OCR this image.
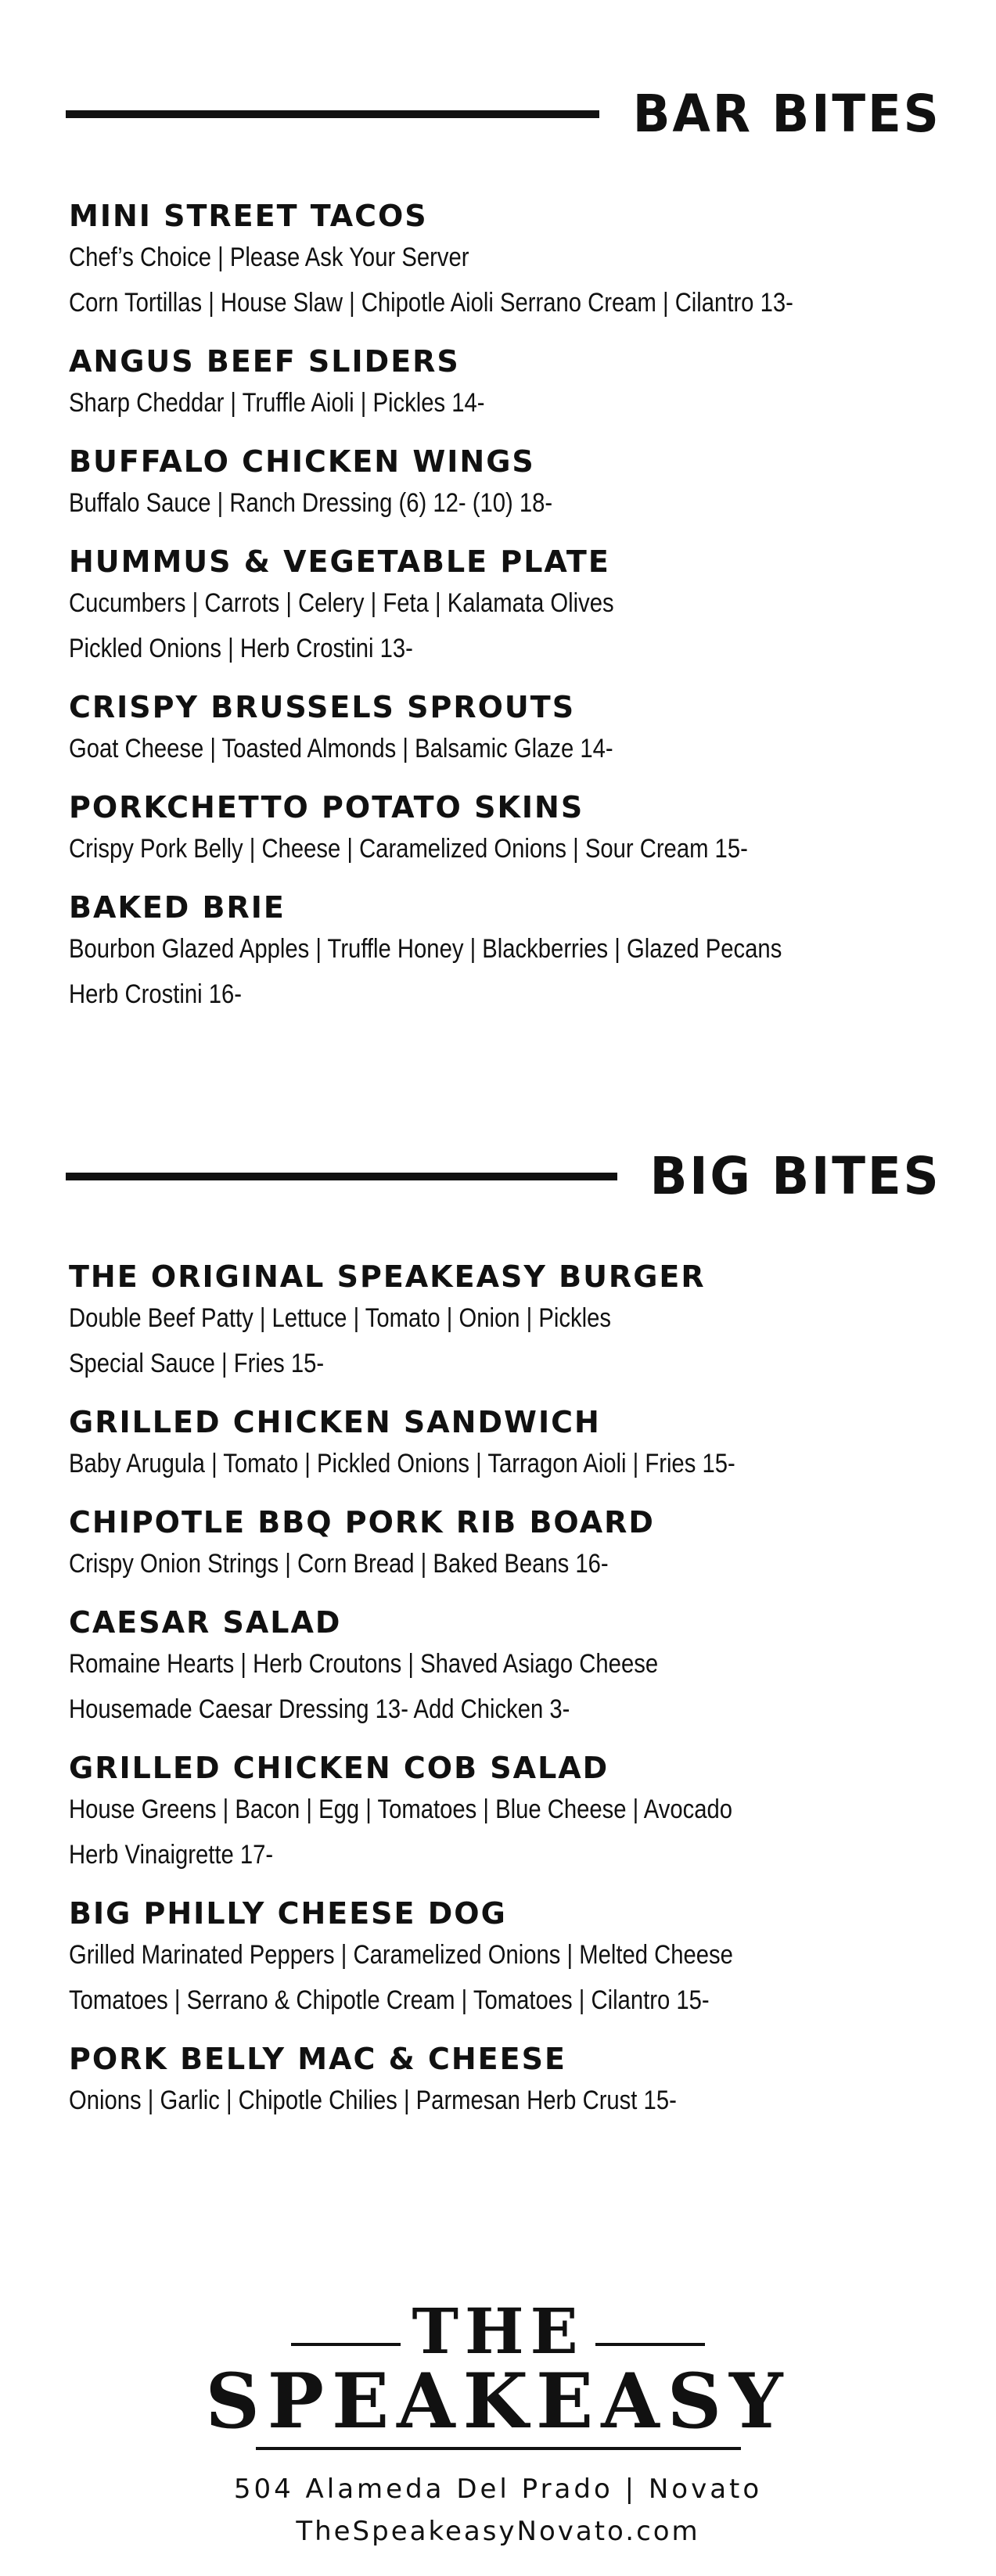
BAR BITES
MINI STREET TACOS
Chef’s Choice | Please Ask Your Server
Corn Tortillas | House Slaw | Chipotle Aioli Serrano Cream | Cilantro 13-
ANGUS BEEF SLIDERS
Sharp Cheddar | Truffle Aioli | Pickles 14-
BUFFALO CHICKEN WINGS
Buffalo Sauce | Ranch Dressing (6) 12- (10) 18-
HUMMUS & VEGETABLE PLATE
Cucumbers | Carrots | Celery | Feta | Kalamata Olives
Pickled Onions | Herb Crostini 13-
CRISPY BRUSSELS SPROUTS
Goat Cheese | Toasted Almonds | Balsamic Glaze 14-
PORKCHETTO POTATO SKINS
Crispy Pork Belly | Cheese | Caramelized Onions | Sour Cream 15-
BAKED BRIE
Bourbon Glazed Apples | Truffle Honey | Blackberries | Glazed Pecans
Herb Crostini 16-
BIG BITES
THE ORIGINAL SPEAKEASY BURGER
Double Beef Patty | Lettuce | Tomato | Onion | Pickles
Special Sauce | Fries 15-
GRILLED CHICKEN SANDWICH
Baby Arugula | Tomato | Pickled Onions | Tarragon Aioli | Fries 15-
CHIPOTLE BBQ PORK RIB BOARD
Crispy Onion Strings | Corn Bread | Baked Beans 16-
CAESAR SALAD
Romaine Hearts | Herb Croutons | Shaved Asiago Cheese
Housemade Caesar Dressing 13- Add Chicken 3-
GRILLED CHICKEN COB SALAD
House Greens | Bacon | Egg | Tomatoes | Blue Cheese | Avocado
Herb Vinaigrette 17-
BIG PHILLY CHEESE DOG
Grilled Marinated Peppers | Caramelized Onions | Melted Cheese
Tomatoes | Serrano & Chipotle Cream | Tomatoes | Cilantro 15-
PORK BELLY MAC & CHEESE
Onions | Garlic | Chipotle Chilies | Parmesan Herb Crust 15-
THE
SPEAKEASY
504 Alameda Del Prado | Novato
TheSpeakeasyNovato.com
